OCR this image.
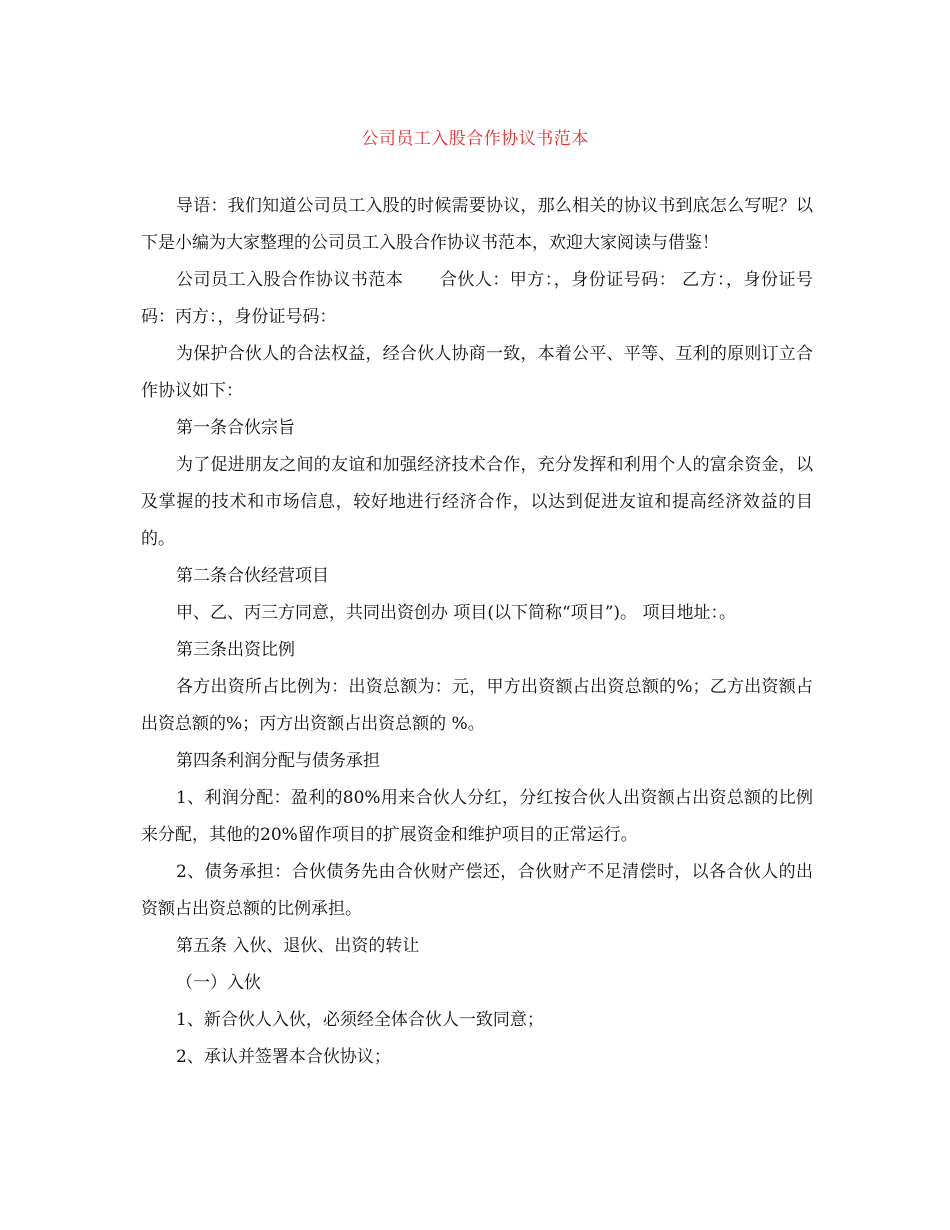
公司员工入股合作协议书范本

导语：我们知道公司员工入股的时候需要协议，那么相关的协议书到底怎么写呢？以下是小编为大家整理的公司员工入股合作协议书范本，欢迎大家阅读与借鉴！

公司员工入股合作协议书范本 合伙人：甲方：，身份证号码： 乙方：，身份证号码：丙方：，身份证号码：

为保护合伙人的合法权益，经合伙人协商一致，本着公平、平等、互利的原则订立合作协议如下：

第一条合伙宗旨

为了促进朋友之间的友谊和加强经济技术合作，充分发挥和利用个人的富余资金，以及掌握的技术和市场信息，较好地进行经济合作，以达到促进友谊和提高经济效益的目的。

第二条合伙经营项目

甲、乙、丙三方同意，共同出资创办 项目(以下简称“项目”)。 项目地址：。

第三条出资比例

各方出资所占比例为：出资总额为：元，甲方出资额占出资总额的%；乙方出资额占出资总额的%；丙方出资额占出资总额的 %。

第四条利润分配与债务承担

1、利润分配：盈利的80%用来合伙人分红，分红按合伙人出资额占出资总额的比例来分配，其他的20%留作项目的扩展资金和维护项目的正常运行。

2、债务承担：合伙债务先由合伙财产偿还，合伙财产不足清偿时，以各合伙人的出资额占出资总额的比例承担。

第五条 入伙、退伙、出资的转让

（一）入伙

1、新合伙人入伙，必须经全体合伙人一致同意；

2、承认并签署本合伙协议；
